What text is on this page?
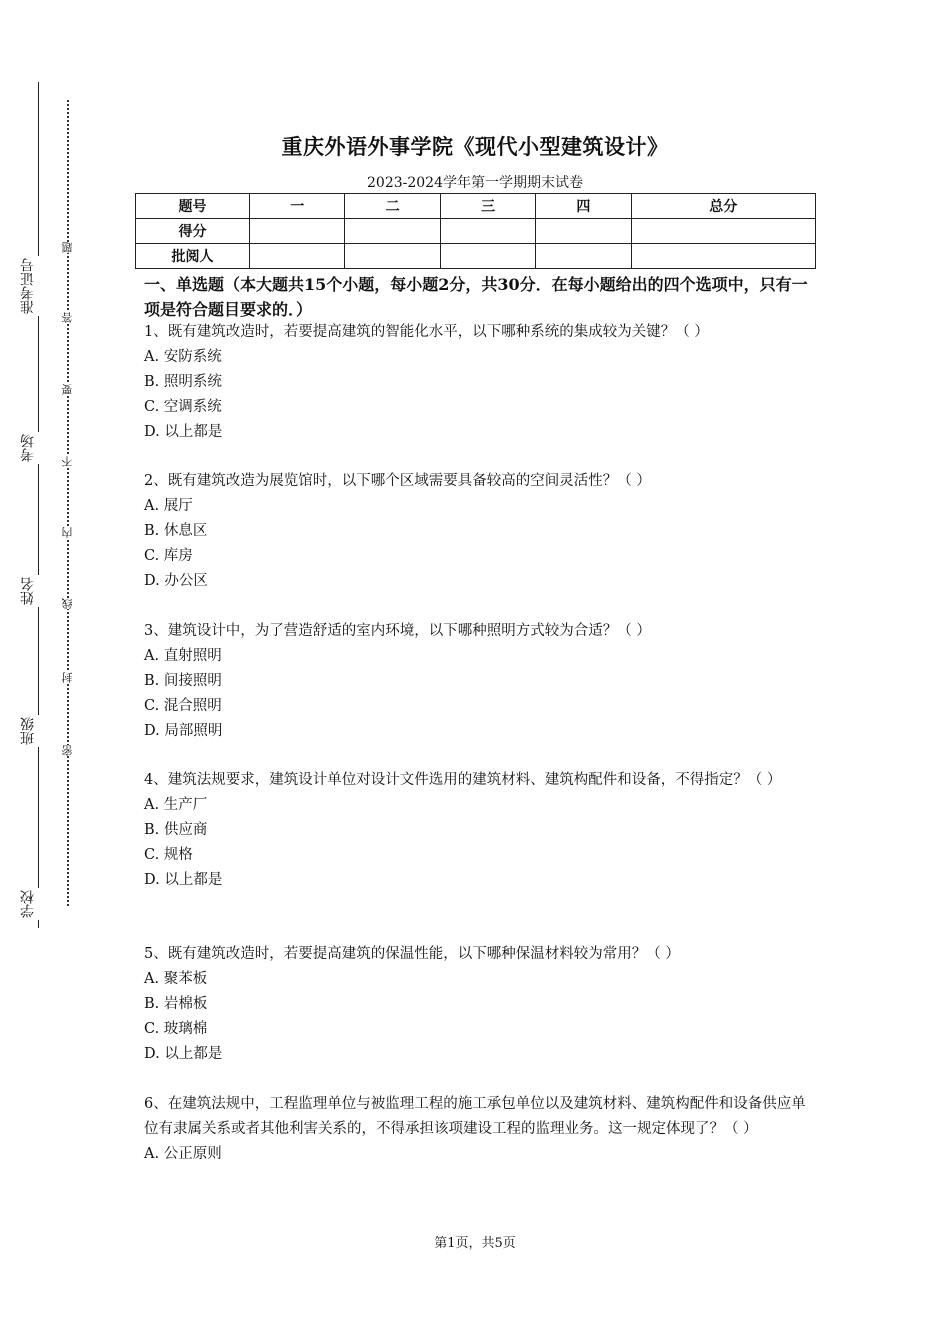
准考证号
考场
姓名
班级
学校
题
答
要
不
内
线
封
密
重庆外语外事学院《现代小型建筑设计》
2023-2024学年第一学期期末试卷
题号	一	二	三	四	总分
得分					
批阅人					
一、单选题（本大题共15个小题，每小题2分，共30分．在每小题给出的四个选项中，只有一项是符合题目要求的．）

1、既有建筑改造时，若要提高建筑的智能化水平，以下哪种系统的集成较为关键？（ ）

A. 安防系统

B. 照明系统

C. 空调系统

D. 以上都是

2、既有建筑改造为展览馆时，以下哪个区域需要具备较高的空间灵活性？（ ）

A. 展厅

B. 休息区

C. 库房

D. 办公区

3、建筑设计中，为了营造舒适的室内环境，以下哪种照明方式较为合适？（ ）

A. 直射照明

B. 间接照明

C. 混合照明

D. 局部照明

4、建筑法规要求，建筑设计单位对设计文件选用的建筑材料、建筑构配件和设备，不得指定？（ ）

A. 生产厂

B. 供应商

C. 规格

D. 以上都是

5、既有建筑改造时，若要提高建筑的保温性能，以下哪种保温材料较为常用？（ ）

A. 聚苯板

B. 岩棉板

C. 玻璃棉

D. 以上都是

6、在建筑法规中，工程监理单位与被监理工程的施工承包单位以及建筑材料、建筑构配件和设备供应单位有隶属关系或者其他利害关系的，不得承担该项建设工程的监理业务。这一规定体现了？（ ）

A. 公正原则

第1页，共5页
